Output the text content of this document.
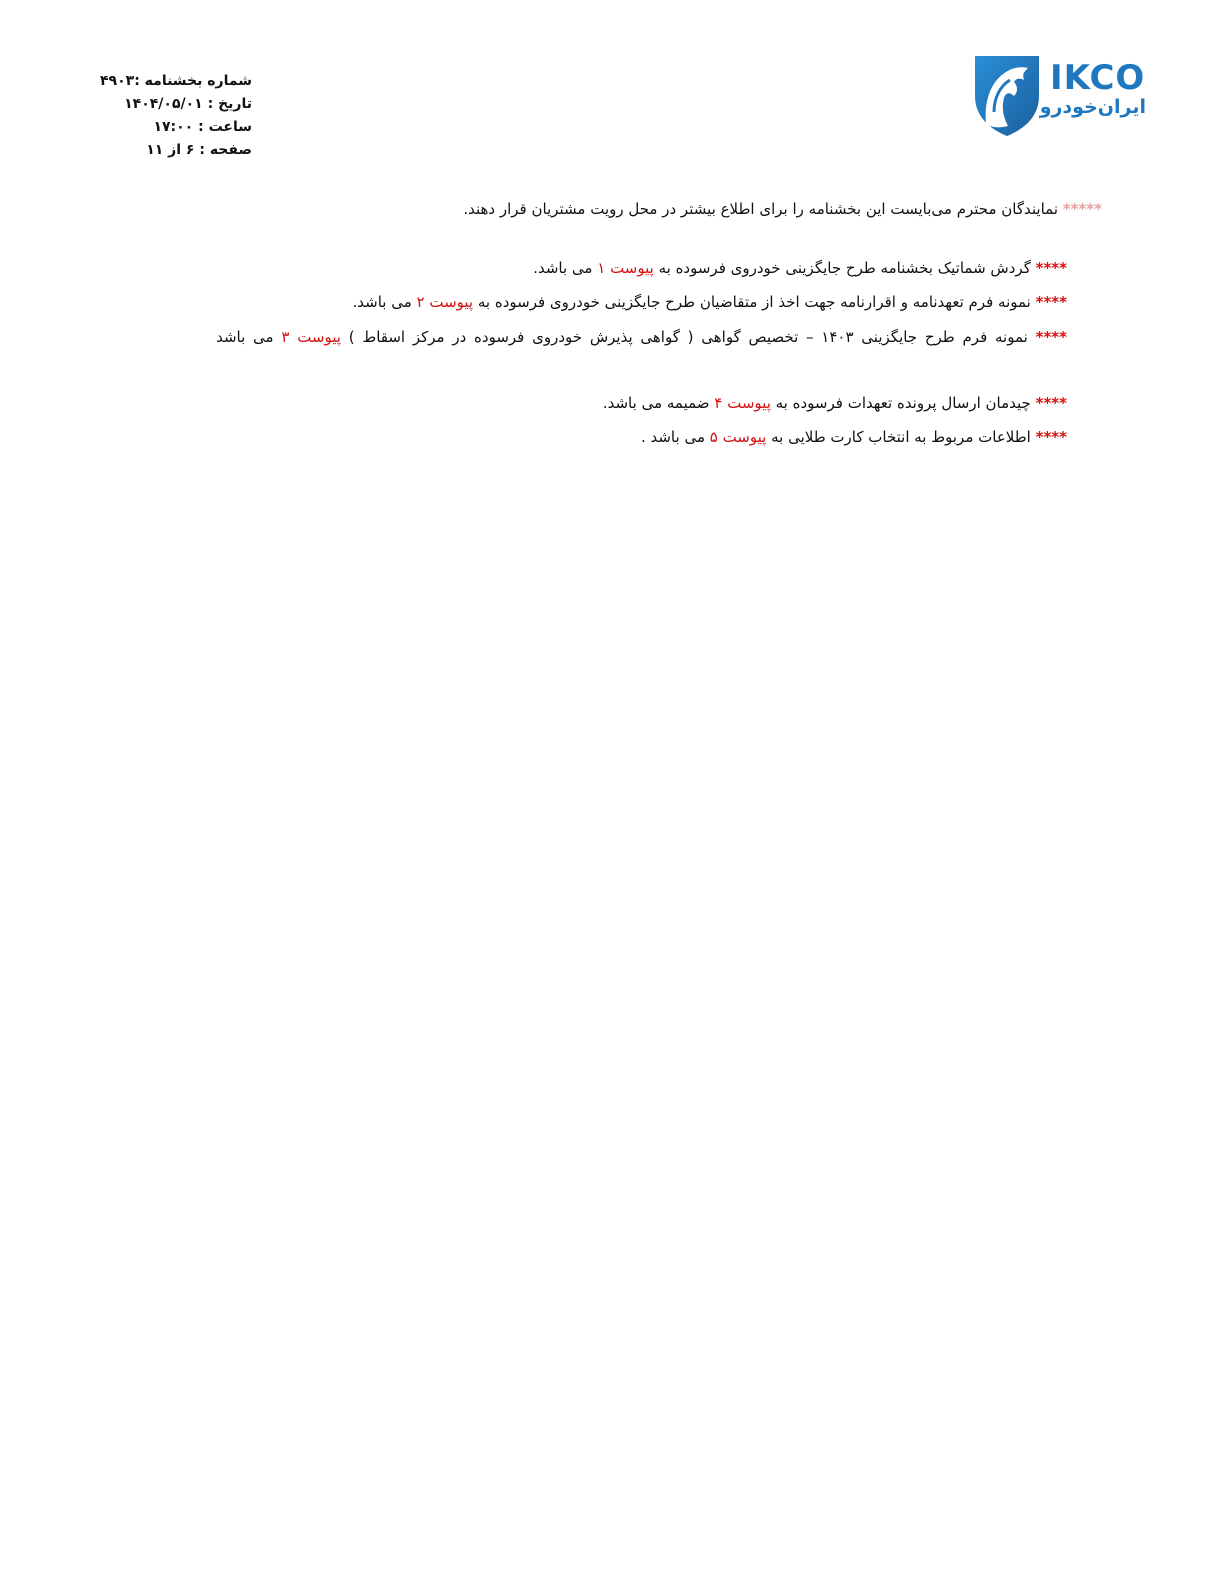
شماره بخشنامه :۴۹۰۳
تاریخ : ۱۴۰۴/۰۵/۰۱
ساعت : ۱۷:۰۰
صفحه : ۶ از ۱۱
IKCO
ایران‌خودرو
***** نمایندگان محترم می‌بایست این بخشنامه را برای اطلاع بیشتر در محل رویت مشتریان قرار دهند.
**** گردش شماتیک بخشنامه طرح جایگزینی خودروی فرسوده به پیوست ۱ می باشد.
**** نمونه فرم تعهدنامه و اقرارنامه جهت اخذ از متقاضیان طرح جایگزینی خودروی فرسوده به پیوست ۲ می باشد.
**** نمونه فرم طرح جایگزینی ۱۴۰۳ – تخصیص گواهی ( گواهی پذیرش خودروی فرسوده در مرکز اسقاط ) پیوست ۳ می باشد
**** چیدمان ارسال پرونده تعهدات فرسوده به پیوست ۴ ضمیمه می باشد.
**** اطلاعات مربوط به انتخاب کارت طلایی به پیوست ۵ می باشد .
